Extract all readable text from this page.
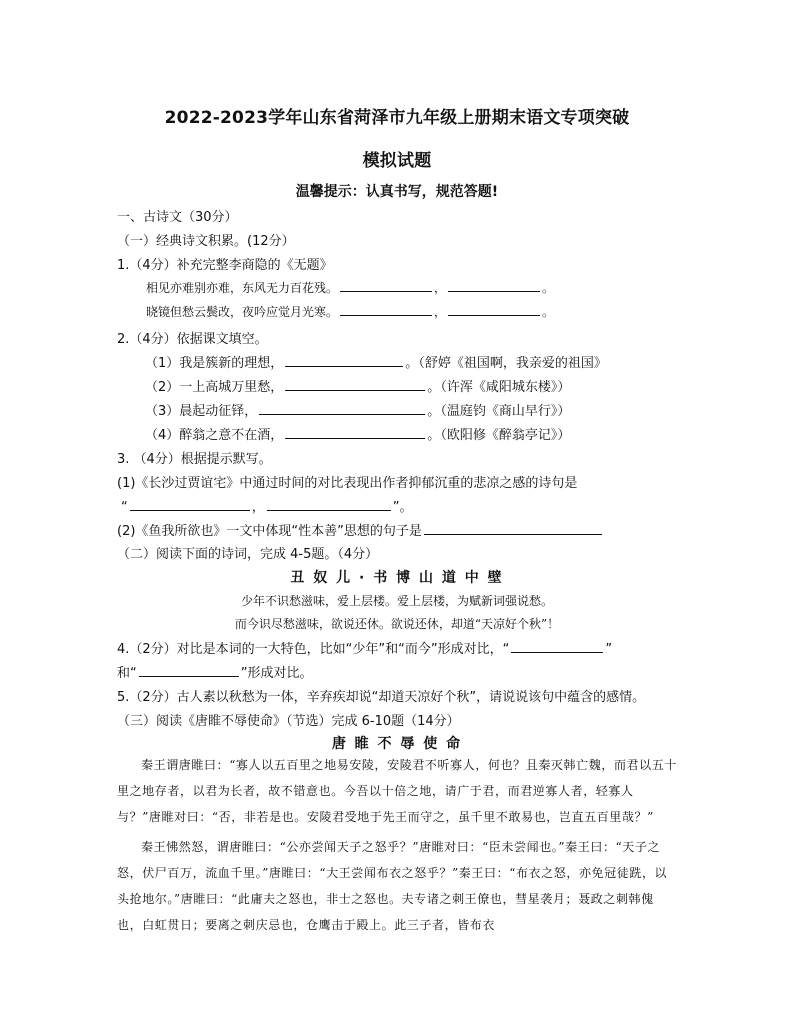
2022-2023学年山东省菏泽市九年级上册期末语文专项突破
模拟试题
温馨提示：认真书写，规范答题!
一、古诗文（30分）
（一）经典诗文积累。(12分）
1.（4分）补充完整李商隐的《无题》
相见亦难别亦难，东风无力百花残。	，	。
晓镜但愁云鬓改，夜吟应觉月光寒。	，	。
2.（4分）依据课文填空。
（1）我是簇新的理想，	。（舒婷《祖国啊，我亲爱的祖国》
（2）一上高城万里愁，	。（许浑《咸阳城东楼》）
（3）晨起动征铎，	。（温庭钧《商山早行》）
（4）醉翁之意不在酒，	。（欧阳修《醉翁亭记》）
3. （4分）根据提示默写。
(1)《长沙过贾谊宅》中通过时间的对比表现出作者抑郁沉重的悲凉之感的诗句是
“	，	”。
(2)《鱼我所欲也》一文中体现“性本善”思想的句子是
（二）阅读下面的诗词，完成 4-5题。（4分）
丑 奴 儿 · 书 博 山 道 中 壁
少年不识愁滋味，爱上层楼。爱上层楼，为赋新词强说愁。
而今识尽愁滋味，欲说还休。欲说还休，却道“天凉好个秋”！
4.（2分）对比是本词的一大特色，比如“少年”和“而今”形成对比，“	”
和“	”形成对比。
5.（2分）古人素以秋愁为一体，辛弃疾却说“却道天凉好个秋”，请说说该句中蕴含的感情。
（三）阅读《唐睢不辱使命》（节选）完成 6-10题（14分）
唐 睢 不 辱 使 命

秦王谓唐睢曰：“寡人以五百里之地易安陵，安陵君不听寡人，何也？且秦灭韩亡魏，而君以五十里之地存者，以君为长者，故不错意也。今吾以十倍之地，请广于君，而君逆寡人者，轻寡人与？”唐睢对曰：“否，非若是也。安陵君受地于先王而守之，虽千里不敢易也，岂直五百里哉？”

秦王怫然怒，谓唐睢曰：“公亦尝闻天子之怒乎？”唐睢对曰：“臣未尝闻也。”秦王曰：“天子之怒，伏尸百万，流血千里。”唐睢曰：“大王尝闻布衣之怒乎？”秦王曰：“布衣之怒，亦免冠徒跣，以头抢地尔。”唐睢曰：“此庸夫之怒也，非士之怒也。夫专诸之刺王僚也，彗星袭月；聂政之刺韩傀也，白虹贯日；要离之刺庆忌也，仓鹰击于殿上。此三子者，皆布衣
